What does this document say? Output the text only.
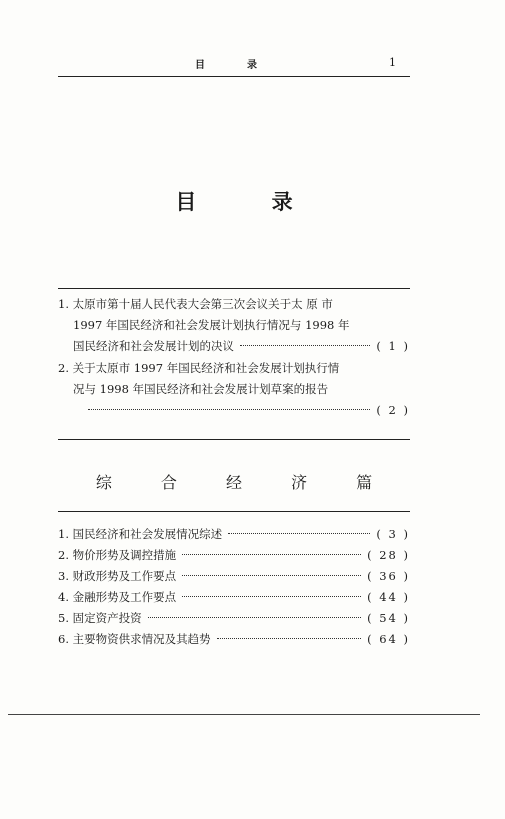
目　录	1
目 录
1. 太原市第十届人民代表大会第三次会议关于太 原 市
1997 年国民经济和社会发展计划执行情况与 1998 年
国民经济和社会发展计划的决议	( 1 )
2. 关于太原市 1997 年国民经济和社会发展计划执行情
况与 1998 年国民经济和社会发展计划草案的报告
( 2 )
综 合 经 济 篇
1. 国民经济和社会发展情况综述	( 3 )
2. 物价形势及调控措施	( 28 )
3. 财政形势及工作要点	( 36 )
4. 金融形势及工作要点	( 44 )
5. 固定资产投资	( 54 )
6. 主要物资供求情况及其趋势	( 64 )
